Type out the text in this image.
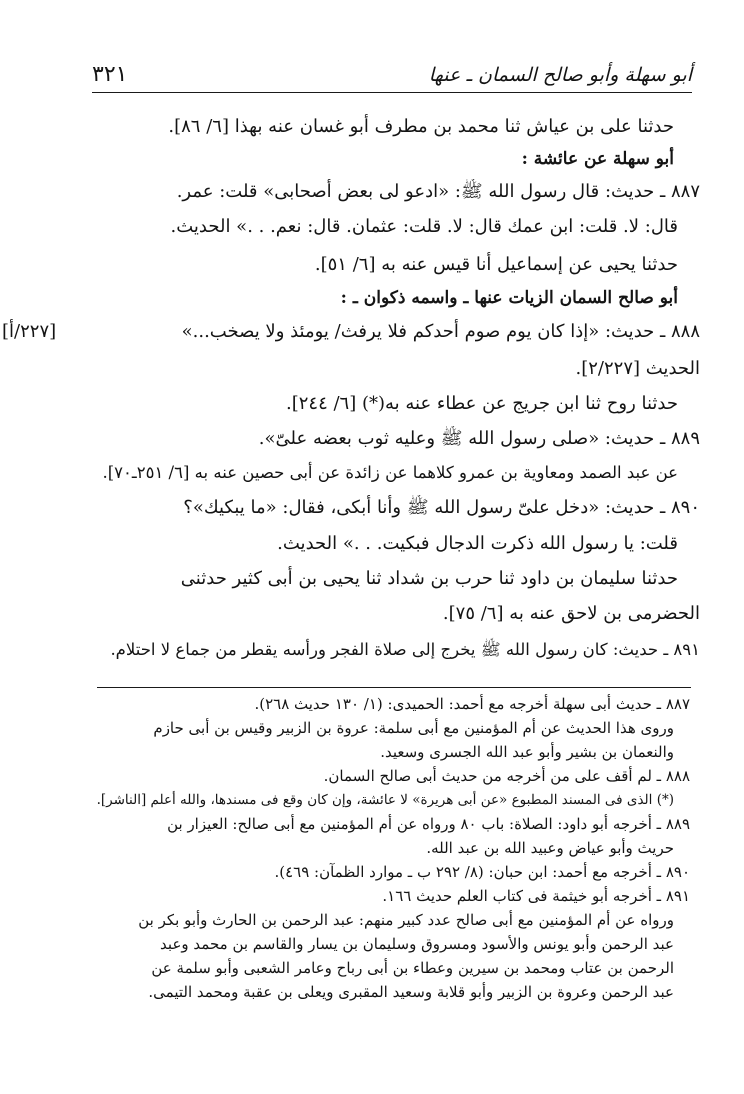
أبو سهلة وأبو صالح السمان ـ عنها
٣٢١
حدثنا على بن عياش ثنا محمد بن مطرف أبو غسان عنه بهذا [٦/ ٨٦].
أبو سهلة عن عائشة :
٨٨٧ ـ حديث: قال رسول الله ﷺ: «ادعو لى بعض أصحابى» قلت: عمر.
قال: لا. قلت: ابن عمك قال: لا. قلت: عثمان. قال: نعم. . .» الحديث.
حدثنا يحيى عن إسماعيل أنا قيس عنه به [٦/ ٥١].
أبو صالح السمان الزيات عنها ـ واسمه ذكوان ـ :
٨٨٨ ـ حديث: «إذا كان يوم صوم أحدكم فلا يرفث/ يومئذ ولا يصخب...»
[٢٢٧/أ]
الحديث [٢/٢٢٧].
حدثنا روح ثنا ابن جريج عن عطاء عنه به(*) [٦/ ٢٤٤].
٨٨٩ ـ حديث: «صلى رسول الله ﷺ وعليه ثوب بعضه علىّ».
عن عبد الصمد ومعاوية بن عمرو كلاهما عن زائدة عن أبى حصين عنه به [٦/ ٢٥١ـ٧٠].
٨٩٠ ـ حديث: «دخل علىّ رسول الله ﷺ وأنا أبكى، فقال: «ما يبكيك»؟
قلت: يا رسول الله ذكرت الدجال فبكيت. . .» الحديث.
حدثنا سليمان بن داود ثنا حرب بن شداد ثنا يحيى بن أبى كثير حدثنى
الحضرمى بن لاحق عنه به [٦/ ٧٥].
٨٩١ ـ حديث: كان رسول الله ﷺ يخرج إلى صلاة الفجر ورأسه يقطر من جماع لا احتلام.
٨٨٧ ـ حديث أبى سهلة أخرجه مع أحمد: الحميدى: (١/ ١٣٠ حديث ٢٦٨).
وروى هذا الحديث عن أم المؤمنين مع أبى سلمة: عروة بن الزبير وقيس بن أبى حازم
والنعمان بن بشير وأبو عبد الله الجسرى وسعيد.
٨٨٨ ـ لم أقف على من أخرجه من حديث أبى صالح السمان.
(*) الذى فى المسند المطبوع «عن أبى هريرة» لا عائشة، وإن كان وقع فى مسندها، والله أعلم [الناشر].
٨٨٩ ـ أخرجه أبو داود: الصلاة: باب ٨٠ ورواه عن أم المؤمنين مع أبى صالح: العيزار بن
حريث وأبو عياض وعبيد الله بن عبد الله.
٨٩٠ ـ أخرجه مع أحمد: ابن حبان: (٨/ ٢٩٢ ب ـ موارد الظمآن: ٤٦٩).
٨٩١ ـ أخرجه أبو خيثمة فى كتاب العلم حديث ١٦٦.
ورواه عن أم المؤمنين مع أبى صالح عدد كبير منهم: عبد الرحمن بن الحارث وأبو بكر بن
عبد الرحمن وأبو يونس والأسود ومسروق وسليمان بن يسار والقاسم بن محمد وعبد
الرحمن بن عتاب ومحمد بن سيرين وعطاء بن أبى رباح وعامر الشعبى وأبو سلمة عن
عبد الرحمن وعروة بن الزبير وأبو قلابة وسعيد المقبرى ويعلى بن عقبة ومحمد التيمى.
